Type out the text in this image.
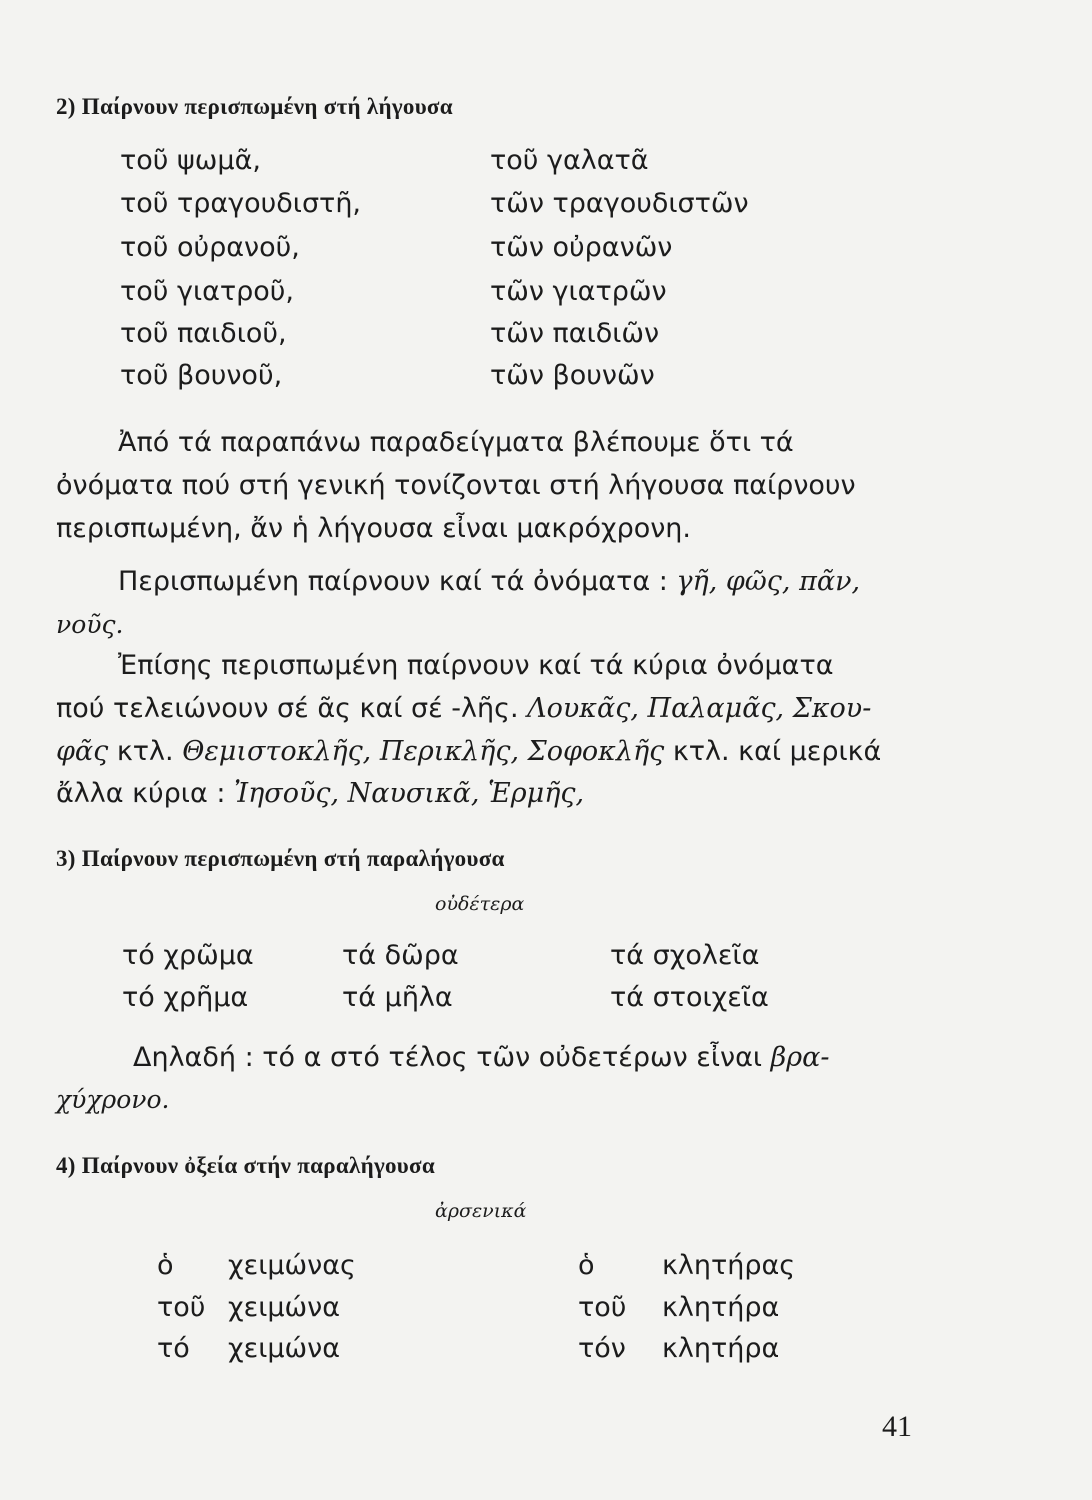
2) Παίρνουν περισπωμένη στή λήγουσα
τοῦ ψωμᾶ,	τοῦ γαλατᾶ
τοῦ τραγουδιστῆ,	τῶν τραγουδιστῶν
τοῦ οὐρανοῦ,	τῶν οὐρανῶν
τοῦ γιατροῦ,	τῶν γιατρῶν
τοῦ παιδιοῦ,	τῶν παιδιῶν
τοῦ βουνοῦ,	τῶν βουνῶν
Ἀπό τά παραπάνω παραδείγματα βλέπουμε ὅτι τά
ὀνόματα πού στή γενική τονίζονται στή λήγουσα παίρνουν
περισπωμένη, ἄν ἡ λήγουσα εἶναι μακρόχρονη.
Περισπωμένη παίρνουν καί τά ὀνόματα : γῆ, φῶς, πᾶν,
νοῦς.
Ἐπίσης περισπωμένη παίρνουν καί τά κύρια ὀνόματα
πού τελειώνουν σέ ᾶς καί σέ -λῆς. Λουκᾶς, Παλαμᾶς, Σκου-
φᾶς κτλ. Θεμιστοκλῆς, Περικλῆς, Σοφοκλῆς κτλ. καί μερικά
ἄλλα κύρια : Ἰησοῦς, Ναυσικᾶ, Ἑρμῆς,
3) Παίρνουν περισπωμένη στή παραλήγουσα
οὐδέτερα
τό χρῶμα	τά δῶρα	τά σχολεῖα
τό χρῆμα	τά μῆλα	τά στοιχεῖα
Δηλαδή : τό α στό τέλος τῶν οὐδετέρων εἶναι βρα-
χύχρονο.
4) Παίρνουν ὀξεία στήν παραλήγουσα
ἀρσενικά
ὁ χειμώνας	ὁ κλητήρας
τοῦ χειμώνα	τοῦ κλητήρα
τό χειμώνα	τόν κλητήρα
41
